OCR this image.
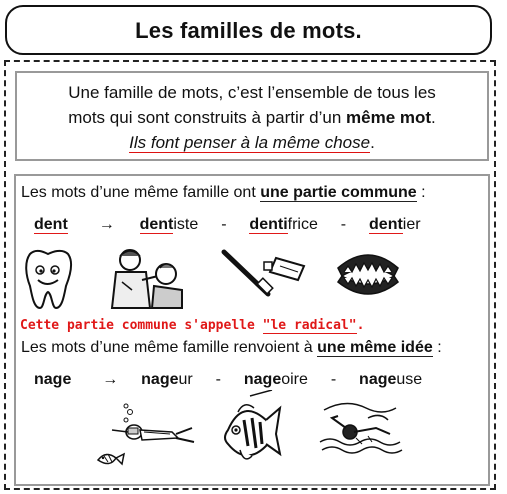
Les familles de mots.
Une famille de mots, c’est l’ensemble de tous les
mots qui sont construits à partir d’un même mot.
Ils font penser à la même chose.
Les mots d’une même famille ont une partie commune :
dent → dentiste - dentifrice - dentier
Cette partie commune s'appelle "le radical".
Les mots d’une même famille renvoient à une même idée :
nage → nageur - nageoire - nageuse
